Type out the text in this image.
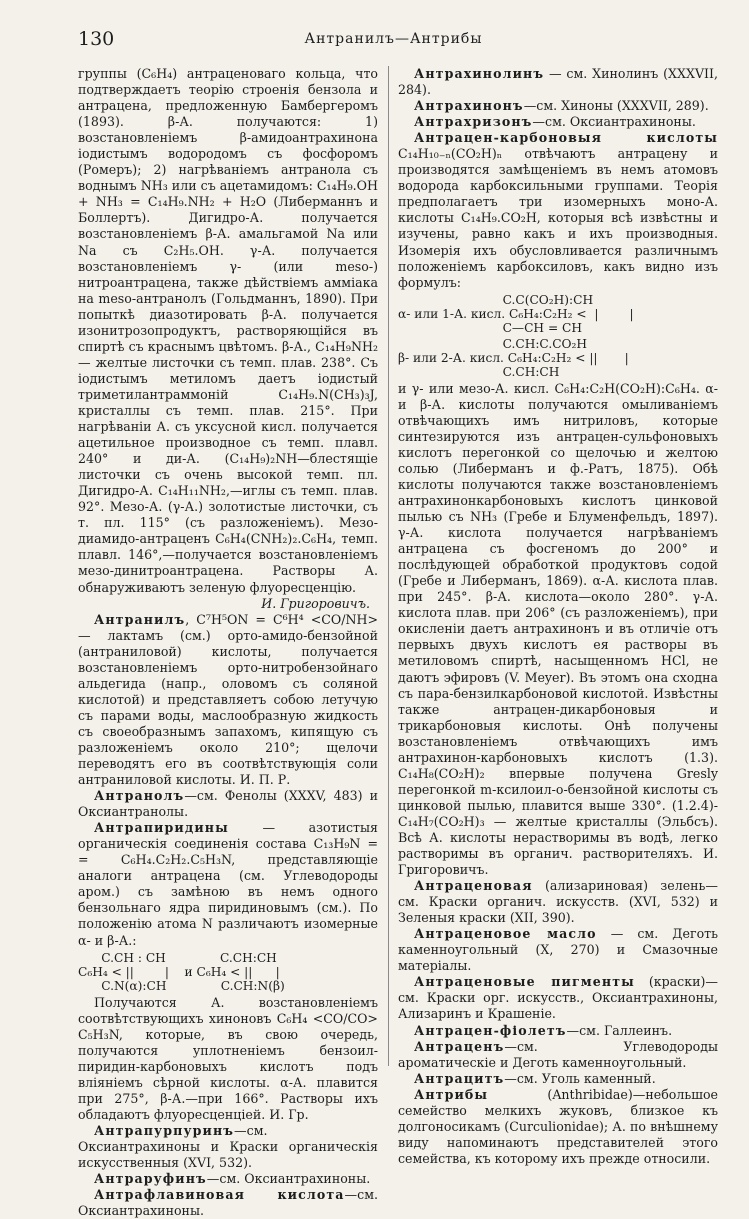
130	Антранилъ—Антрибы

группы (C₆H₄) антраценоваго кольца, что подтверждаетъ теорію строенія бензола и антрацена, предложенную Бамбергеромъ (1893). β-А. получаются: 1) возстановленіемъ β-амидоантрахинона іодистымъ водородомъ съ фосфоромъ (Ромеръ); 2) нагрѣваніемъ антранола съ воднымъ NH₃ или съ ацетамидомъ: C₁₄H₉.OH + NH₃ = C₁₄H₉.NH₂ + H₂O (Либерманнъ и Боллертъ). Дигидро-А. получается возстановленіемъ β-А. амальгамой Na или Na съ C₂H₅.OH. γ-А. получается возстановленіемъ γ- (или meso-) нитроантрацена, также дѣйствіемъ аммiака на meso-антранолъ (Гольдманнъ, 1890). При попыткѣ диазотировать β-А. получается изонитрозопродуктъ, растворяющійся въ спиртѣ съ краснымъ цвѣтомъ. β-А., C₁₄H₉NH₂ — желтые листочки съ темп. плав. 238°. Съ іодистымъ метиломъ даетъ іодистый триметилантраммоній C₁₄H₉.N(CH₃)₃J, кристаллы съ темп. плав. 215°. При нагрѣваніи А. съ уксусной кисл. получается ацетильное производное съ темп. плавл. 240° и ди-А. (C₁₄H₉)₂NH—блестящіе листочки съ очень высокой темп. пл. Дигидро-А. C₁₄H₁₁NH₂,—иглы съ темп. плав. 92°. Мезо-А. (γ-А.) золотистые листочки, съ т. пл. 115° (съ разложеніемъ). Мезо-диамидо-антраценъ C₆H₄(CNH₂)₂.C₆H₄, темп. плавл. 146°,—получается возстановленіемъ мезо-динитроантрацена. Растворы А. обнаруживаютъ зеленую флуоресценцію.

И. Григоровичъ.

Антранилъ, C⁷H⁵ON = C⁶H⁴ <CO/NH> — лактамъ (см.) орто-амидо-бензойной (антраниловой) кислоты, получается возстановленіемъ орто-нитробензойнаго альдегида (напр., оловомъ съ соляной кислотой) и представляетъ собою летучую съ парами воды, маслообразную жидкость съ своеобразнымъ запахомъ, кипящую съ разложеніемъ около 210°; щелочи переводятъ его въ соотвѣтствующія соли антраниловой кислоты. И. П. Р.

Антранолъ—см. Фенолы (XXXV, 483) и Оксиантранолы.

Антрапиридины — азотистыя органическія соединенія состава C₁₃H₉N = = C₆H₄.C₂H₂.C₅H₃N, представляющіе аналоги антрацена (см. Углеводороды аром.) съ замѣною въ немъ одного бензольнаго ядра пиридиновымъ (см.). По положенію атома N различаютъ изомерные α- и β-А.:

C.CH : CH              C.CH:CH
C₆H₄ < ||        |    и C₆H₄ < ||      |
C.N(α):CH              C.CH:N(β)

Получаются А. возстановленіемъ соотвѣтствующихъ хиноновъ C₆H₄ <CO/CO> C₅H₃N, которые, въ свою очередь, получаются уплотненіемъ бензоил-пиридин-карбоновыхъ кислотъ подъ вліяніемъ сѣрной кислоты. α-А. плавится при 275°, β-А.—при 166°. Растворы ихъ обладаютъ флуоресценціей. И. Гр.

Антрапурпуринъ—см. Оксиантрахиноны и Краски органическія искусственныя (XVI, 532).

Антраруфинъ—см. Оксиантрахиноны.

Антрафлавиновая кислота—см. Оксиантрахиноны.

Антрахинолинъ — см. Хинолинъ (XXXVII, 284).

Антрахинонъ—см. Хиноны (XXXVII, 289).

Антрахризонъ—см. Оксиантрахиноны.

Антрацен-карбоновыя кислоты C₁₄H₁₀₋ₙ(CO₂H)ₙ отвѣчаютъ антрацену и производятся замѣщеніемъ въ немъ атомовъ водорода карбоксильными группами. Теорія предполагаетъ три изомерныхъ моно-А. кислоты C₁₄H₉.CO₂H, которыя всѣ извѣстны и изучены, равно какъ и ихъ производныя. Изомерія ихъ обусловливается различнымъ положеніемъ карбоксиловъ, какъ видно изъ формулъ:

C.C(CO₂H):CH
α- или 1-А. кисл. C₆H₄:C₂H₂ <  |        |
C—CH = CH
C.CH:C.CO₂H
β- или 2-А. кисл. C₆H₄:C₂H₂ < ||       |
C.CH:CH

и γ- или мезо-А. кисл. C₆H₄:C₂H(CO₂H):C₆H₄. α- и β-А. кислоты получаются омыливаніемъ отвѣчающихъ имъ нитриловъ, которые синтезируются изъ антрацен-сульфоновыхъ кислотъ перегонкой со щелочью и желтою солью (Либерманъ и ф.-Ратъ, 1875). Обѣ кислоты получаются также возстановленіемъ антрахинонкарбоновыхъ кислотъ цинковой пылью съ NH₃ (Гребе и Блуменфельдъ, 1897). γ-А. кислота получается нагрѣваніемъ антрацена съ фосгеномъ до 200° и послѣдующей обработкой продуктовъ содой (Гребе и Либерманъ, 1869). α-А. кислота плав. при 245°. β-А. кислота—около 280°. γ-А. кислота плав. при 206° (съ разложеніемъ), при окисленіи даетъ антрахинонъ и въ отличіе отъ первыхъ двухъ кислотъ ея растворы въ метиловомъ спиртѣ, насыщенномъ HCl, не даютъ эфировъ (V. Meyer). Въ этомъ она сходна съ пара-бензилкарбоновой кислотой. Извѣстны также антрацен-дикарбоновыя и трикарбоновыя кислоты. Онѣ получены возстановленіемъ отвѣчающихъ имъ антрахинон-карбоновыхъ кислотъ (1.3). C₁₄H₈(CO₂H)₂ впервые получена Gresly перегонкой m-ксилоил-о-бензойной кислоты съ цинковой пылью, плавится выше 330°. (1.2.4)-C₁₄H₇(CO₂H)₃ — желтые кристаллы (Эльбсъ). Всѣ А. кислоты нерастворимы въ водѣ, легко растворимы въ органич. растворителяхъ. И. Григоровичъ.

Антраценовая (ализариновая) зелень—см. Краски органич. искусств. (XVI, 532) и Зеленыя краски (XII, 390).

Антраценовое масло — см. Деготь каменноугольный (X, 270) и Смазочные матеріалы.

Антраценовые пигменты (краски)—см. Краски орг. искусств., Оксиантрахиноны, Ализаринъ и Крашеніе.

Антрацен-фіолетъ—см. Галлеинъ.

Антраценъ—см. Углеводороды ароматическіе и Деготь каменноугольный.

Антрацитъ—см. Уголь каменный.

Антрибы (Anthribidae)—небольшое семейство мелкихъ жуковъ, близкое къ долгоносикамъ (Curculionidae); А. по внѣшнему виду напоминаютъ представителей этого семейства, къ которому ихъ прежде относили.
